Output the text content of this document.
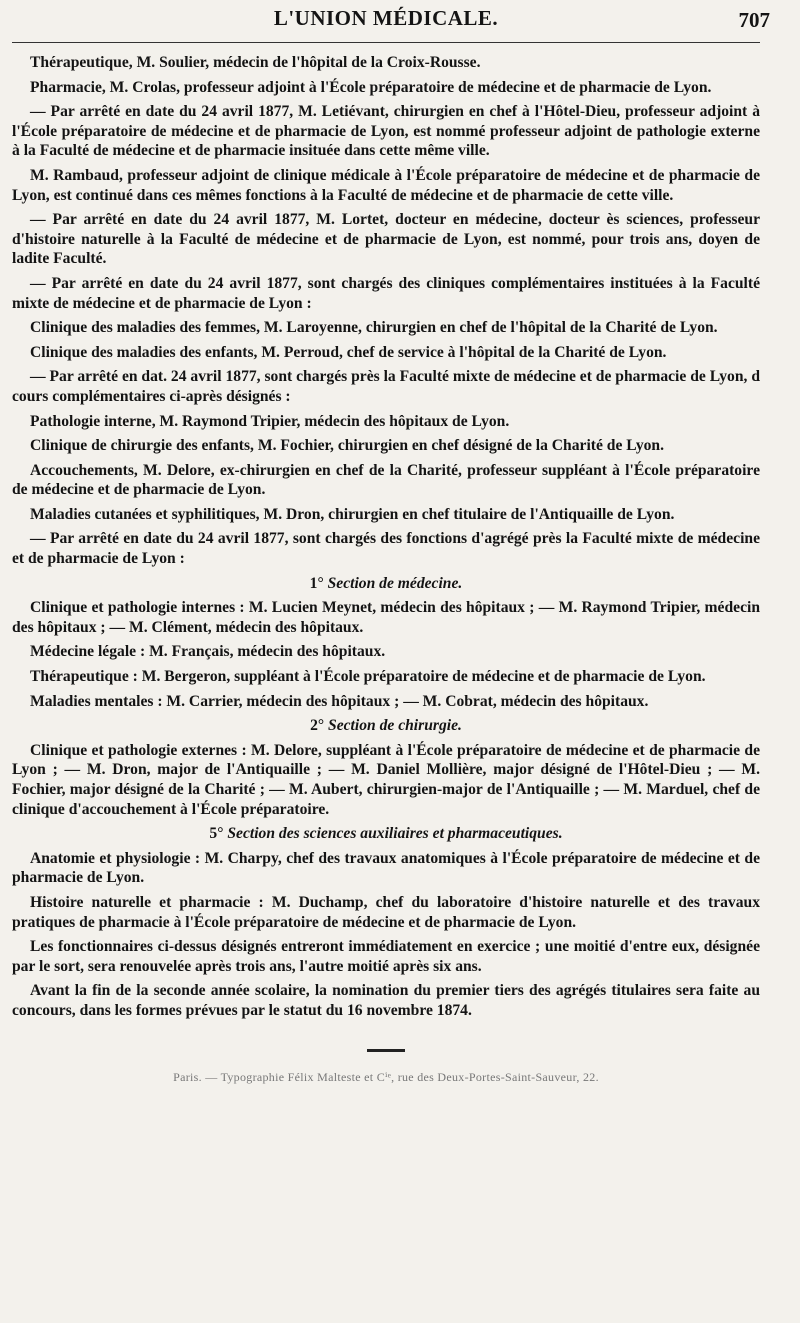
L'UNION MÉDICALE.	707

Thérapeutique, M. Soulier, médecin de l'hôpital de la Croix-Rousse.

Pharmacie, M. Crolas, professeur adjoint à l'École préparatoire de médecine et de pharmacie de Lyon.

— Par arrêté en date du 24 avril 1877, M. Letiévant, chirurgien en chef à l'Hôtel-Dieu, professeur adjoint à l'École préparatoire de médecine et de pharmacie de Lyon, est nommé professeur adjoint de pathologie externe à la Faculté de médecine et de pharmacie insituée dans cette même ville.

M. Rambaud, professeur adjoint de clinique médicale à l'École préparatoire de médecine et de pharmacie de Lyon, est continué dans ces mêmes fonctions à la Faculté de médecine et de pharmacie de cette ville.

— Par arrêté en date du 24 avril 1877, M. Lortet, docteur en médecine, docteur ès sciences, professeur d'histoire naturelle à la Faculté de médecine et de pharmacie de Lyon, est nommé, pour trois ans, doyen de ladite Faculté.

— Par arrêté en date du 24 avril 1877, sont chargés des cliniques complémentaires instituées à la Faculté mixte de médecine et de pharmacie de Lyon :

Clinique des maladies des femmes, M. Laroyenne, chirurgien en chef de l'hôpital de la Charité de Lyon.

Clinique des maladies des enfants, M. Perroud, chef de service à l'hôpital de la Charité de Lyon.

— Par arrêté en dat. 24 avril 1877, sont chargés près la Faculté mixte de médecine et de pharmacie de Lyon, d cours complémentaires ci-après désignés :

Pathologie interne, M. Raymond Tripier, médecin des hôpitaux de Lyon.

Clinique de chirurgie des enfants, M. Fochier, chirurgien en chef désigné de la Charité de Lyon.

Accouchements, M. Delore, ex-chirurgien en chef de la Charité, professeur suppléant à l'École préparatoire de médecine et de pharmacie de Lyon.

Maladies cutanées et syphilitiques, M. Dron, chirurgien en chef titulaire de l'Antiquaille de Lyon.

— Par arrêté en date du 24 avril 1877, sont chargés des fonctions d'agrégé près la Faculté mixte de médecine et de pharmacie de Lyon :

1° Section de médecine.

Clinique et pathologie internes : M. Lucien Meynet, médecin des hôpitaux ; — M. Raymond Tripier, médecin des hôpitaux ; — M. Clément, médecin des hôpitaux.

Médecine légale : M. Français, médecin des hôpitaux.

Thérapeutique : M. Bergeron, suppléant à l'École préparatoire de médecine et de pharmacie de Lyon.

Maladies mentales : M. Carrier, médecin des hôpitaux ; — M. Cobrat, médecin des hôpitaux.

2° Section de chirurgie.

Clinique et pathologie externes : M. Delore, suppléant à l'École préparatoire de médecine et de pharmacie de Lyon ; — M. Dron, major de l'Antiquaille ; — M. Daniel Mollière, major désigné de l'Hôtel-Dieu ; — M. Fochier, major désigné de la Charité ; — M. Aubert, chirurgien-major de l'Antiquaille ; — M. Marduel, chef de clinique d'accouchement à l'École préparatoire.

5° Section des sciences auxiliaires et pharmaceutiques.

Anatomie et physiologie : M. Charpy, chef des travaux anatomiques à l'École préparatoire de médecine et de pharmacie de Lyon.

Histoire naturelle et pharmacie : M. Duchamp, chef du laboratoire d'histoire naturelle et des travaux pratiques de pharmacie à l'École préparatoire de médecine et de pharmacie de Lyon.

Les fonctionnaires ci-dessus désignés entreront immédiatement en exercice ; une moitié d'entre eux, désignée par le sort, sera renouvelée après trois ans, l'autre moitié après six ans.

Avant la fin de la seconde année scolaire, la nomination du premier tiers des agrégés titulaires sera faite au concours, dans les formes prévues par le statut du 16 novembre 1874.

Paris. — Typographie Félix Malteste et Cⁱᵉ, rue des Deux-Portes-Saint-Sauveur, 22.
